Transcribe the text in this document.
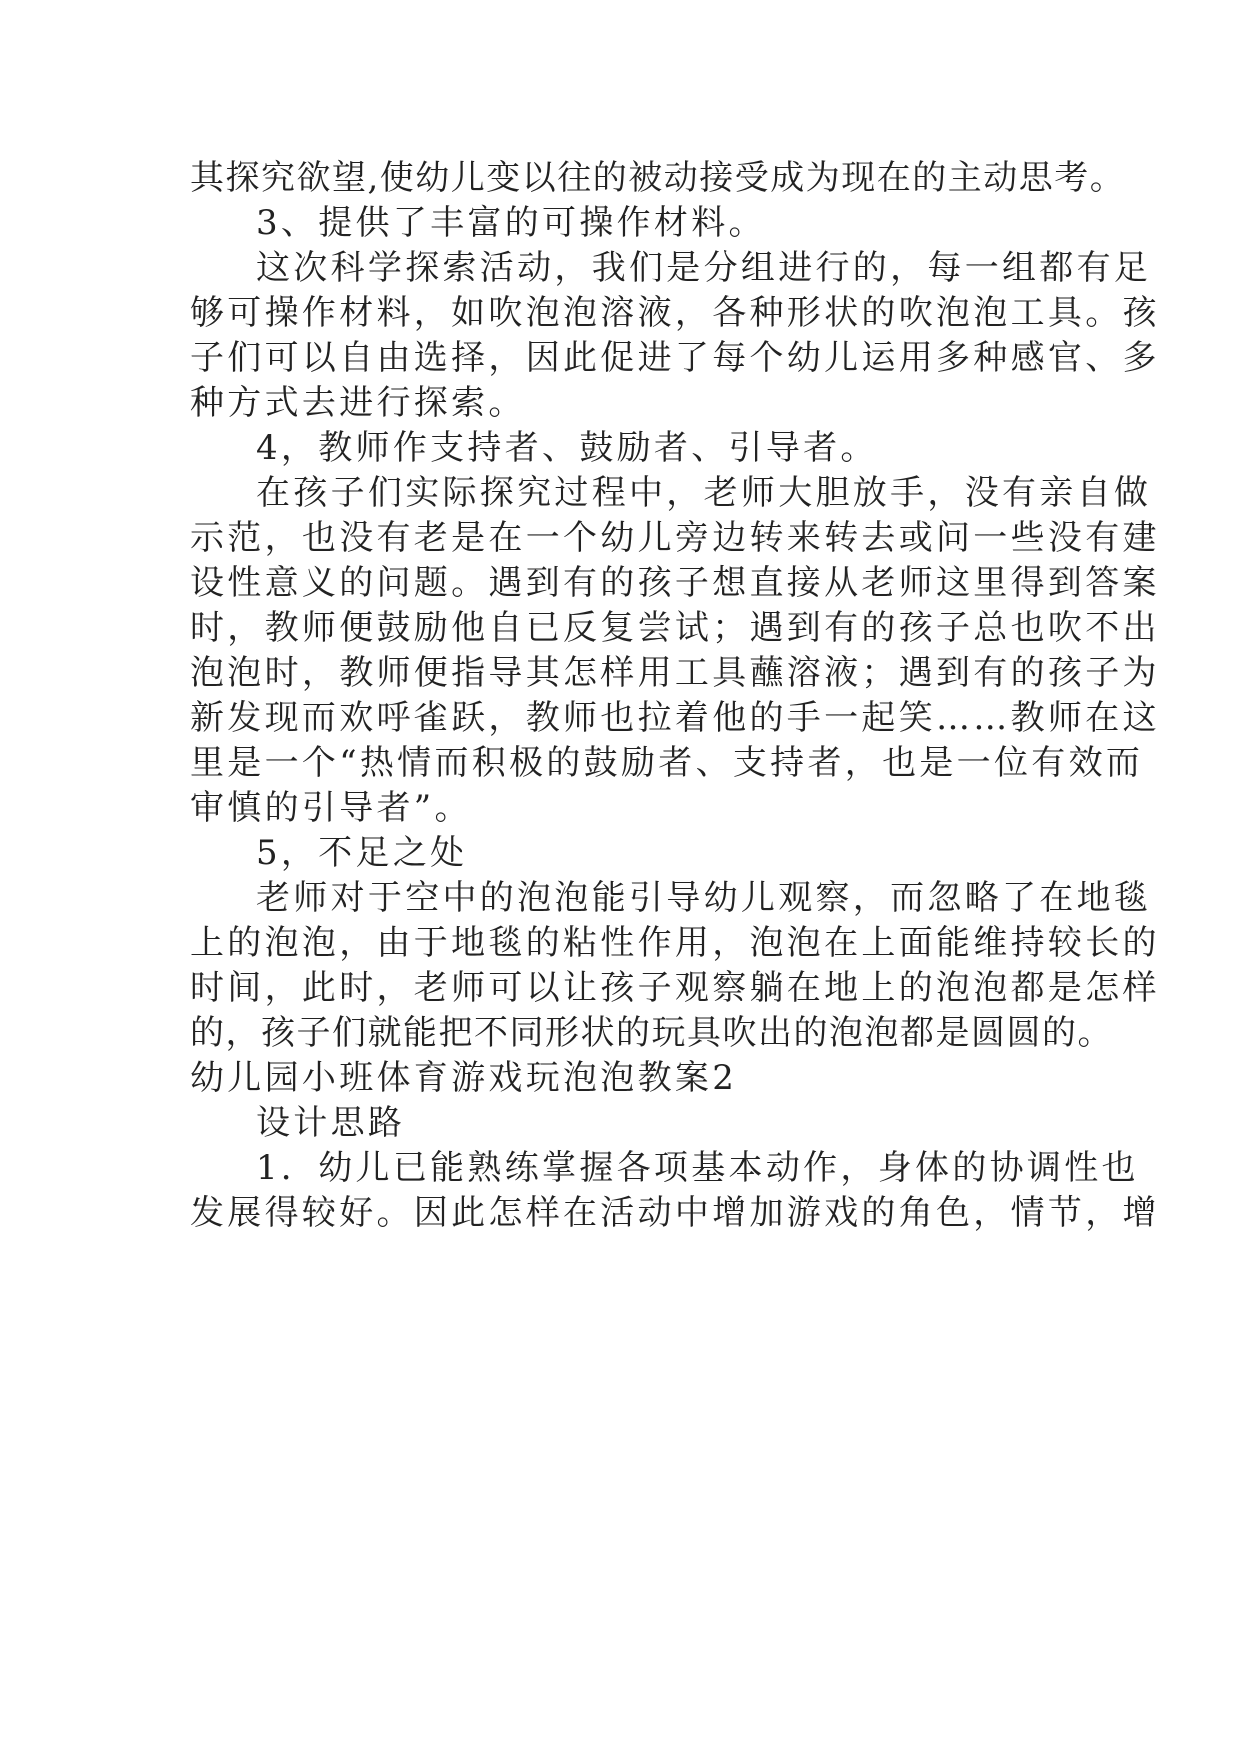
其探究欲望,使幼儿变以往的被动接受成为现在的主动思考。
3、提供了丰富的可操作材料。
这次科学探索活动，我们是分组进行的，每一组都有足
够可操作材料，如吹泡泡溶液，各种形状的吹泡泡工具。孩
子们可以自由选择，因此促进了每个幼儿运用多种感官、多
种方式去进行探索。
4，教师作支持者、鼓励者、引导者。
在孩子们实际探究过程中，老师大胆放手，没有亲自做
示范，也没有老是在一个幼儿旁边转来转去或问一些没有建
设性意义的问题。遇到有的孩子想直接从老师这里得到答案
时，教师便鼓励他自已反复尝试；遇到有的孩子总也吹不出
泡泡时，教师便指导其怎样用工具蘸溶液；遇到有的孩子为
新发现而欢呼雀跃，教师也拉着他的手一起笑……教师在这
里是一个“热情而积极的鼓励者、支持者，也是一位有效而
审慎的引导者”。
5，不足之处
老师对于空中的泡泡能引导幼儿观察，而忽略了在地毯
上的泡泡，由于地毯的粘性作用，泡泡在上面能维持较长的
时间，此时，老师可以让孩子观察躺在地上的泡泡都是怎样
的，孩子们就能把不同形状的玩具吹出的泡泡都是圆圆的。
幼儿园小班体育游戏玩泡泡教案2
设计思路
1．幼儿已能熟练掌握各项基本动作，身体的协调性也
发展得较好。因此怎样在活动中增加游戏的角色，情节，增
